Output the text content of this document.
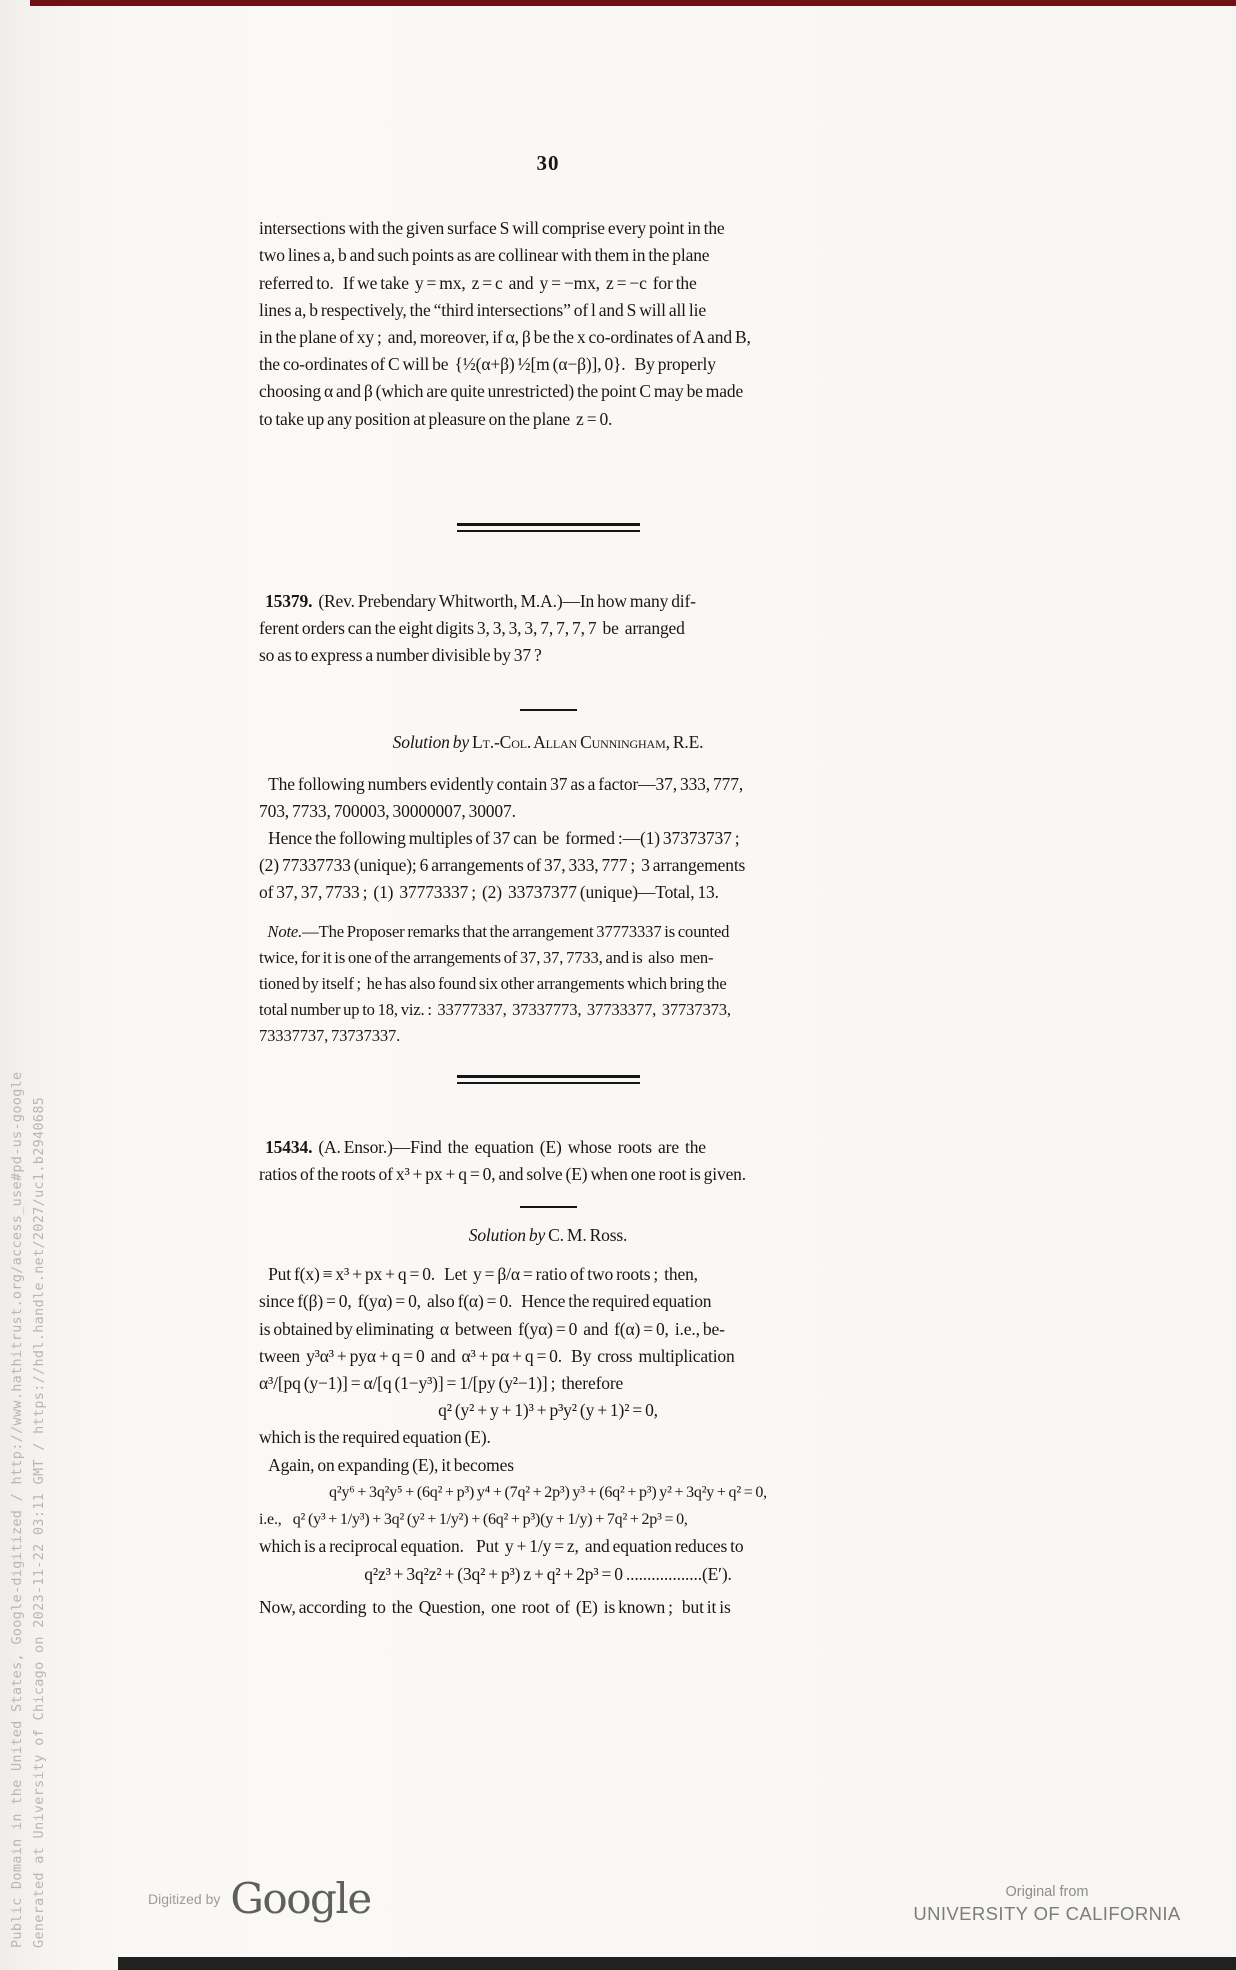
Public Domain in the United States, Google-digitized / http://www.hathitrust.org/access_use#pd-us-google Generated at University of Chicago on 2023-11-22 03:11 GMT / https://hdl.handle.net/2027/uc1.b2940685
30
intersections with the given surface S will comprise every point in the
two lines a, b and such points as are collinear with them in the plane
referred to.   If we take  y = mx,  z = c  and  y = −mx,  z = −c  for the
lines a, b respectively, the “third intersections” of l and S will all lie
in the plane of xy ;  and, moreover, if α, β be the x co-ordinates of A and B,
the co-ordinates of C will be  {½(α+β) ½[m (α−β)], 0}.   By properly
choosing α and β (which are quite unrestricted) the point C may be made
to take up any position at pleasure on the plane  z = 0.
15379.  (Rev. Prebendary Whitworth, M.A.)—In how many dif-
ferent orders can the eight digits 3, 3, 3, 3, 7, 7, 7, 7  be  arranged
so as to express a number divisible by 37 ?
Solution by Lt.-Col. Allan Cunningham, R.E.
The following numbers evidently contain 37 as a factor—37, 333, 777,
703, 7733, 700003, 30000007, 30007.
Hence the following multiples of 37 can  be  formed :—(1) 37373737 ;
(2) 77337733 (unique); 6 arrangements of 37, 333, 777 ;  3 arrangements
of 37, 37, 7733 ;  (1)  37773337 ;  (2)  33737377 (unique)—Total, 13.
Note.—The Proposer remarks that the arrangement 37773337 is counted
twice, for it is one of the arrangements of 37, 37, 7733, and is  also  men-
tioned by itself ;  he has also found six other arrangements which bring the
total number up to 18, viz. :  33777337,  37337773,  37733377,  37737373,
73337737, 73737337.
15434.  (A. Ensor.)—Find  the  equation  (E)  whose  roots  are  the
ratios of the roots of x³ + px + q = 0, and solve (E) when one root is given.
Solution by C. M. Ross.
Put f(x) ≡ x³ + px + q = 0.   Let  y = β/α = ratio of two roots ;  then,
since f(β) = 0,  f(yα) = 0,  also f(α) = 0.   Hence the required equation
is obtained by eliminating  α  between  f(yα) = 0  and  f(α) = 0,  i.e., be-
tween  y³α³ + pyα + q = 0  and  α³ + pα + q = 0.   By  cross  multiplication
α³/[pq (y−1)] = α/[q (1−y³)] = 1/[py (y²−1)] ;  therefore
q² (y² + y + 1)³ + p³y² (y + 1)² = 0,
which is the required equation (E).
Again, on expanding (E), it becomes
q²y⁶ + 3q²y⁵ + (6q² + p³) y⁴ + (7q² + 2p³) y³ + (6q² + p³) y² + 3q²y + q² = 0,
i.e.,    q² (y³ + 1/y³) + 3q² (y² + 1/y²) + (6q² + p³)(y + 1/y) + 7q² + 2p³ = 0,
which is a reciprocal equation.    Put  y + 1/y = z,  and equation reduces to
q²z³ + 3q²z² + (3q² + p³) z + q² + 2p³ = 0 ..................(E′).
Now, according  to  the  Question,  one  root  of  (E)  is known ;   but it is
Digitized by Google	Original from
UNIVERSITY OF CALIFORNIA
